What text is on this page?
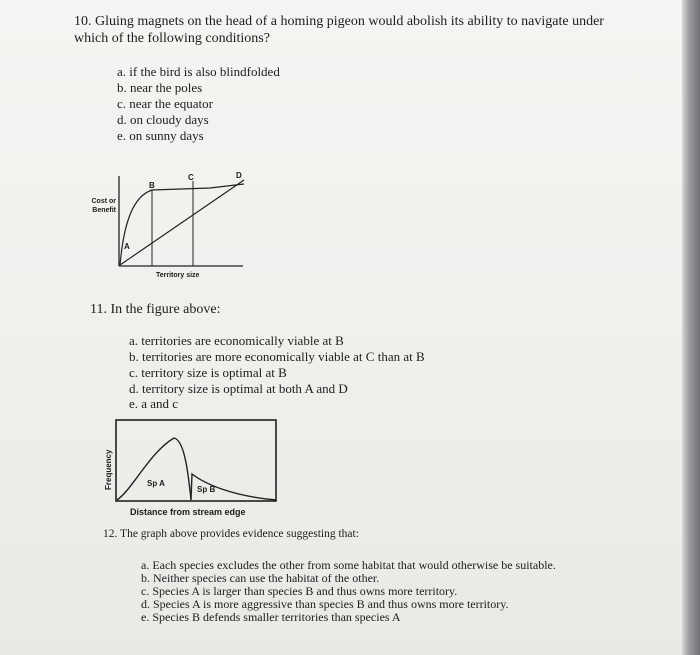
10. Gluing magnets on the head of a homing pigeon would abolish its ability to navigate under
which of the following conditions?
a. if the bird is also blindfolded
b. near the poles
c. near the equator
d. on cloudy days
e. on sunny days
Cost or
Benefit
Territory size
A
B
C	D
11. In the figure above:
a. territories are economically viable at B
b. territories are more economically viable at C than at B
c. territory size is optimal at B
d. territory size is optimal at both A and D
e. a and c
Frequency	Sp A
Sp B
Distance from stream edge
12. The graph above provides evidence suggesting that:
a. Each species excludes the other from some habitat that would otherwise be suitable.
b. Neither species can use the habitat of the other.
c. Species A is larger than species B and thus owns more territory.
d. Species A is more aggressive than species B and thus owns more territory.
e. Species B defends smaller territories than species A
